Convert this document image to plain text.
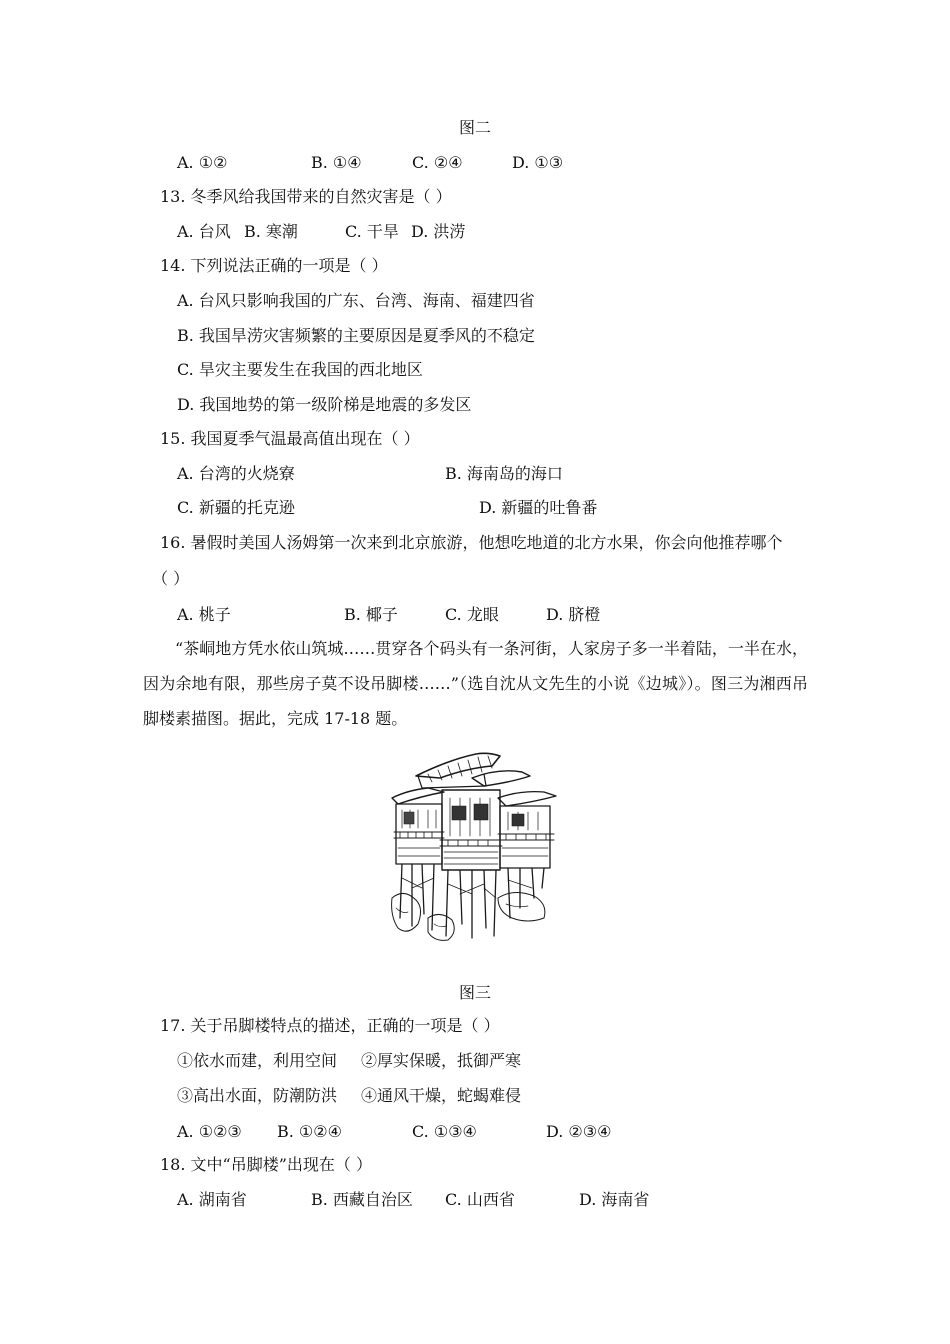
图二
A. ①②	B. ①④	C. ②④	D. ①③
13. 冬季风给我国带来的自然灾害是（ ）
A. 台风 B. 寒潮	C. 干旱 D. 洪涝
14. 下列说法正确的一项是（ ）
A. 台风只影响我国的广东、台湾、海南、福建四省
B. 我国旱涝灾害频繁的主要原因是夏季风的不稳定
C. 旱灾主要发生在我国的西北地区
D. 我国地势的第一级阶梯是地震的多发区
15. 我国夏季气温最高值出现在（ ）
A. 台湾的火烧寮	B. 海南岛的海口
C. 新疆的托克逊	D. 新疆的吐鲁番
16. 暑假时美国人汤姆第一次来到北京旅游，他想吃地道的北方水果，你会向他推荐哪个
（ ）
A. 桃子	B. 椰子	C. 龙眼	D. 脐橙
“茶峒地方凭水依山筑城……贯穿各个码头有一条河街，人家房子多一半着陆，一半在水，因为余地有限，那些房子莫不设吊脚楼……”（选自沈从文先生的小说《边城》）。图三为湘西吊脚楼素描图。据此，完成 17-18 题。
图三
17. 关于吊脚楼特点的描述，正确的一项是（ ）
①依水而建，利用空间 ②厚实保暖，抵御严寒
③高出水面，防潮防洪 ④通风干燥，蛇蝎难侵
A. ①②③ B. ①②④	C. ①③④	D. ②③④
18. 文中“吊脚楼”出现在（ ）
A. 湖南省	B. 西藏自治区 C. 山西省	D. 海南省
